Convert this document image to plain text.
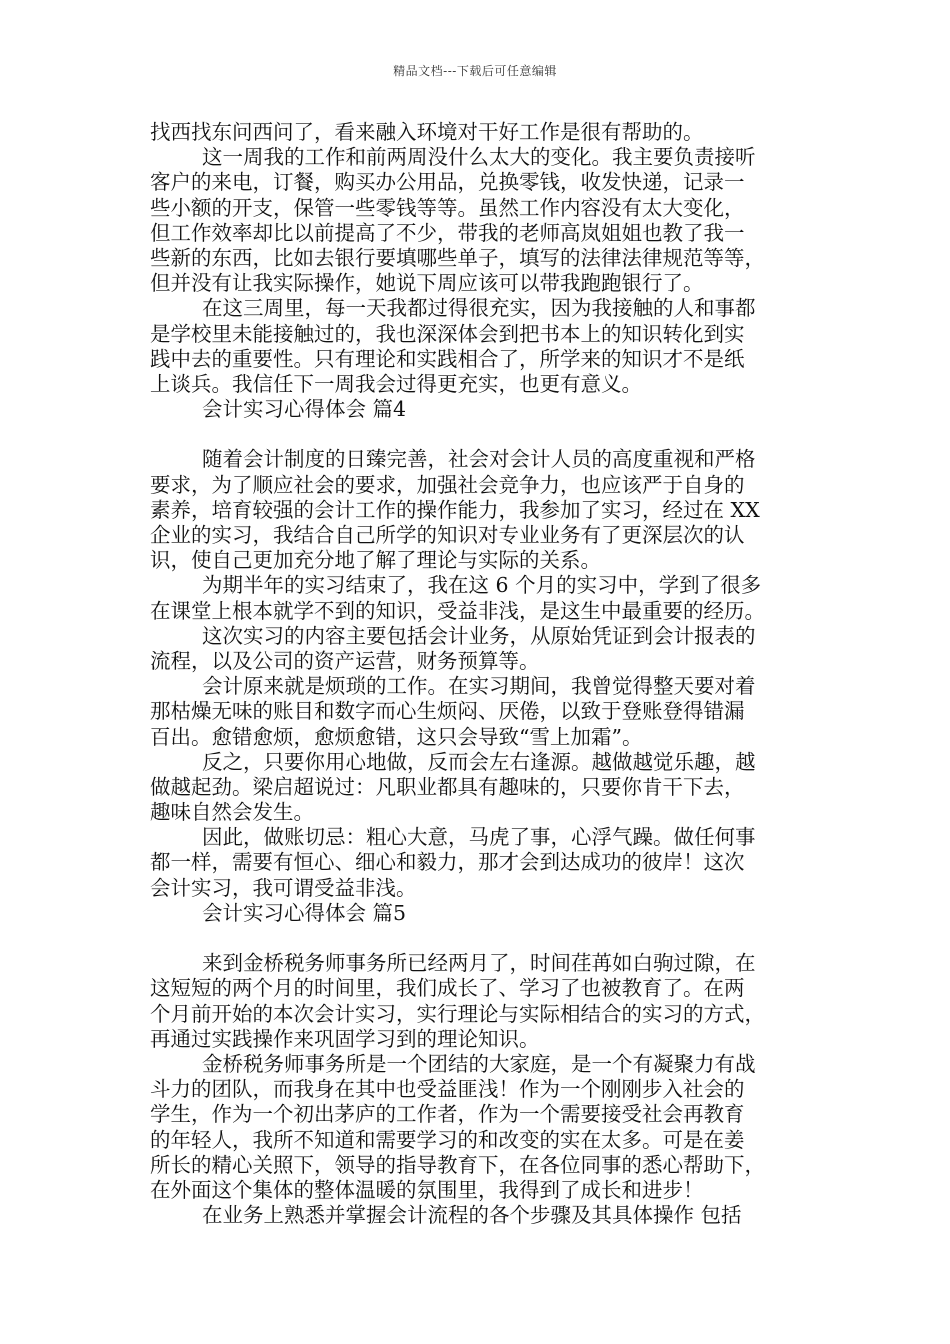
精品文档---下载后可任意编辑
找西找东问西问了，看来融入环境对干好工作是很有帮助的。
这一周我的工作和前两周没什么太大的变化。我主要负责接听
客户的来电，订餐，购买办公用品，兑换零钱，收发快递，记录一
些小额的开支，保管一些零钱等等。虽然工作内容没有太大变化，
但工作效率却比以前提高了不少，带我的老师高岚姐姐也教了我一
些新的东西，比如去银行要填哪些单子，填写的法律法律规范等等，
但并没有让我实际操作，她说下周应该可以带我跑跑银行了。
在这三周里，每一天我都过得很充实，因为我接触的人和事都
是学校里未能接触过的，我也深深体会到把书本上的知识转化到实
践中去的重要性。只有理论和实践相合了，所学来的知识才不是纸
上谈兵。我信任下一周我会过得更充实，也更有意义。
会计实习心得体会 篇4
随着会计制度的日臻完善，社会对会计人员的高度重视和严格
要求，为了顺应社会的要求，加强社会竞争力，也应该严于自身的
素养，培育较强的会计工作的操作能力，我参加了实习，经过在 XX
企业的实习，我结合自己所学的知识对专业业务有了更深层次的认
识，使自己更加充分地了解了理论与实际的关系。
为期半年的实习结束了，我在这 6 个月的实习中，学到了很多
在课堂上根本就学不到的知识，受益非浅，是这生中最重要的经历。
这次实习的内容主要包括会计业务，从原始凭证到会计报表的
流程，以及公司的资产运营，财务预算等。
会计原来就是烦琐的工作。在实习期间，我曾觉得整天要对着
那枯燥无味的账目和数字而心生烦闷、厌倦，以致于登账登得错漏
百出。愈错愈烦，愈烦愈错，这只会导致“雪上加霜”。
反之，只要你用心地做，反而会左右逢源。越做越觉乐趣，越
做越起劲。梁启超说过：凡职业都具有趣味的，只要你肯干下去，
趣味自然会发生。
因此，做账切忌：粗心大意，马虎了事，心浮气躁。做任何事
都一样，需要有恒心、细心和毅力，那才会到达成功的彼岸！这次
会计实习，我可谓受益非浅。
会计实习心得体会 篇5
来到金桥税务师事务所已经两月了，时间荏苒如白驹过隙，在
这短短的两个月的时间里，我们成长了、学习了也被教育了。在两
个月前开始的本次会计实习，实行理论与实际相结合的实习的方式，
再通过实践操作来巩固学习到的理论知识。
金桥税务师事务所是一个团结的大家庭，是一个有凝聚力有战
斗力的团队，而我身在其中也受益匪浅！作为一个刚刚步入社会的
学生，作为一个初出茅庐的工作者，作为一个需要接受社会再教育
的年轻人，我所不知道和需要学习的和改变的实在太多。可是在姜
所长的精心关照下，领导的指导教育下，在各位同事的悉心帮助下，
在外面这个集体的整体温暖的氛围里，我得到了成长和进步！
在业务上熟悉并掌握会计流程的各个步骤及其具体操作 包括
